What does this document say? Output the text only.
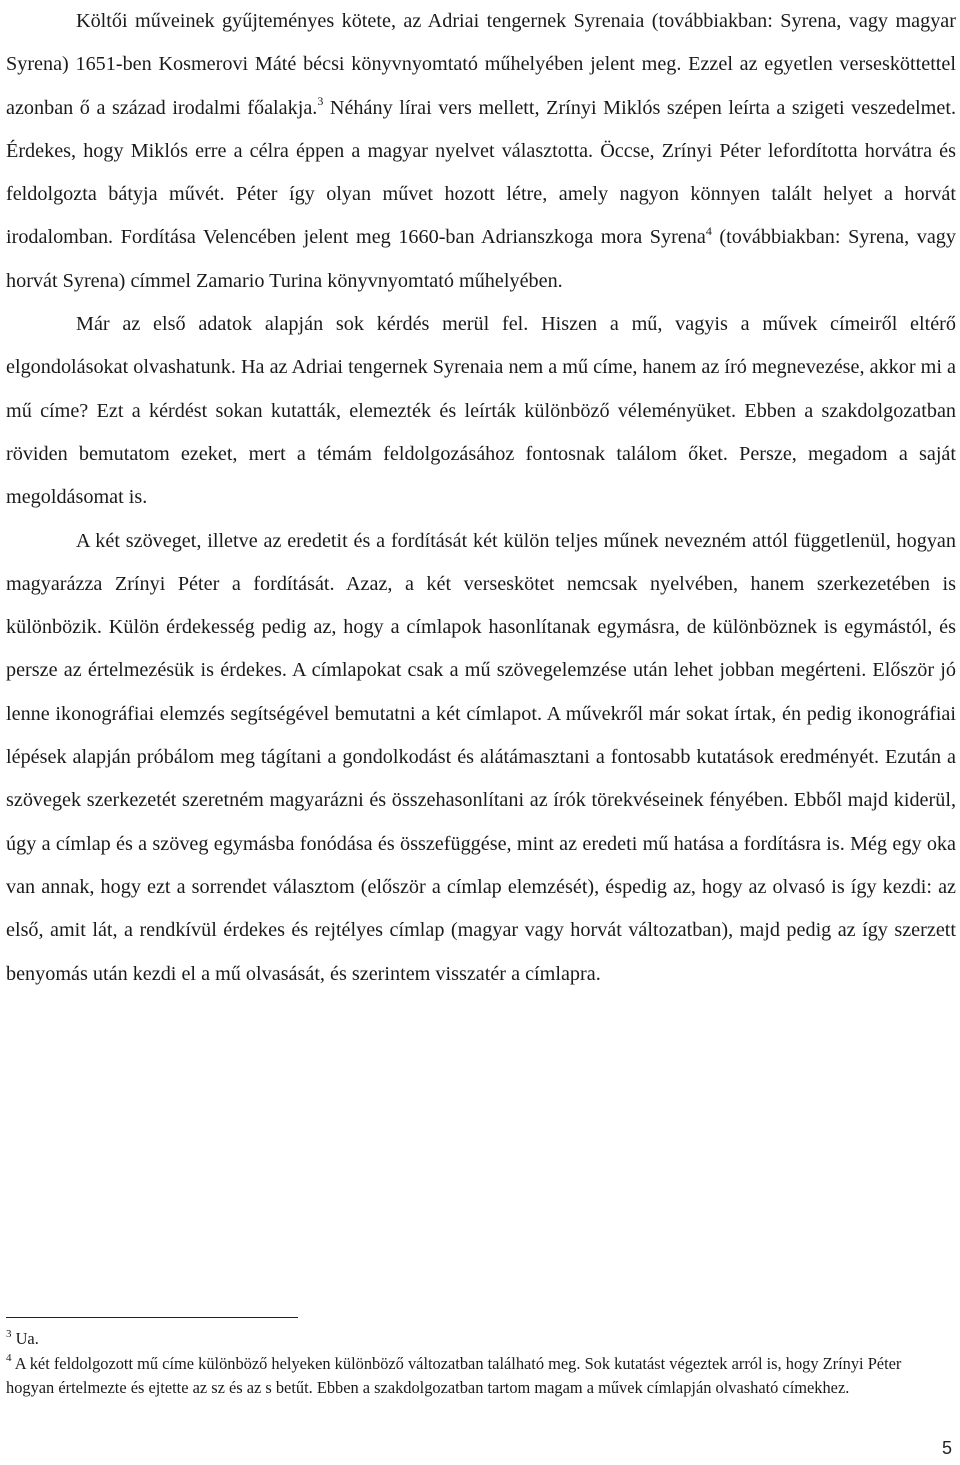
Költői műveinek gyűjteményes kötete, az Adriai tengernek Syrenaia (továbbiakban: Syrena, vagy magyar Syrena) 1651-ben Kosmerovi Máté bécsi könyvnyomtató műhelyében jelent meg. Ezzel az egyetlen versesköttettel azonban ő a század irodalmi főalakja.$^3$ Néhány lírai vers mellett, Zrínyi Miklós szépen leírta a szigeti veszedelmet. Érdekes, hogy Miklós erre a célra éppen a magyar nyelvet választotta. Öccse, Zrínyi Péter lefordította horvátra és feldolgozta bátyja művét. Péter így olyan művet hozott létre, amely nagyon könnyen talált helyet a horvát irodalomban. Fordítása Velencében jelent meg 1660-ban Adrianszkoga mora Syrena$^4$ (továbbiakban: Syrena, vagy horvát Syrena) címmel Zamario Turina könyvnyomtató műhelyében.

Már az első adatok alapján sok kérdés merül fel. Hiszen a mű, vagyis a művek címeiről eltérő elgondolásokat olvashatunk. Ha az Adriai tengernek Syrenaia nem a mű címe, hanem az író megnevezése, akkor mi a mű címe? Ezt a kérdést sokan kutatták, elemezték és leírták különböző véleményüket. Ebben a szakdolgozatban röviden bemutatom ezeket, mert a témám feldolgozásához fontosnak találom őket. Persze, megadom a saját megoldásomat is.

A két szöveget, illetve az eredetit és a fordítását két külön teljes műnek nevezném attól függetlenül, hogyan magyarázza Zrínyi Péter a fordítását. Azaz, a két verseskötet nemcsak nyelvében, hanem szerkezetében is különbözik. Külön érdekesség pedig az, hogy a címlapok hasonlítanak egymásra, de különböznek is egymástól, és persze az értelmezésük is érdekes. A címlapokat csak a mű szövegelemzése után lehet jobban megérteni. Először jó lenne ikonográfiai elemzés segítségével bemutatni a két címlapot. A művekről már sokat írtak, én pedig ikonográfiai lépések alapján próbálom meg tágítani a gondolkodást és alátámasztani a fontosabb kutatások eredményét. Ezután a szövegek szerkezetét szeretném magyarázni és összehasonlítani az írók törekvéseinek fényében. Ebből majd kiderül, úgy a címlap és a szöveg egymásba fonódása és összefüggése, mint az eredeti mű hatása a fordításra is. Még egy oka van annak, hogy ezt a sorrendet választom (először a címlap elemzését), éspedig az, hogy az olvasó is így kezdi: az első, amit lát, a rendkívül érdekes és rejtélyes címlap (magyar vagy horvát változatban), majd pedig az így szerzett benyomás után kezdi el a mű olvasását, és szerintem visszatér a címlapra.

$^3$ Ua.

$^4$ A két feldolgozott mű címe különböző helyeken különböző változatban található meg. Sok kutatást végeztek arról is, hogy Zrínyi Péter hogyan értelmezte és ejtette az sz és az s betűt. Ebben a szakdolgozatban tartom magam a művek címlapján olvasható címekhez.

5
